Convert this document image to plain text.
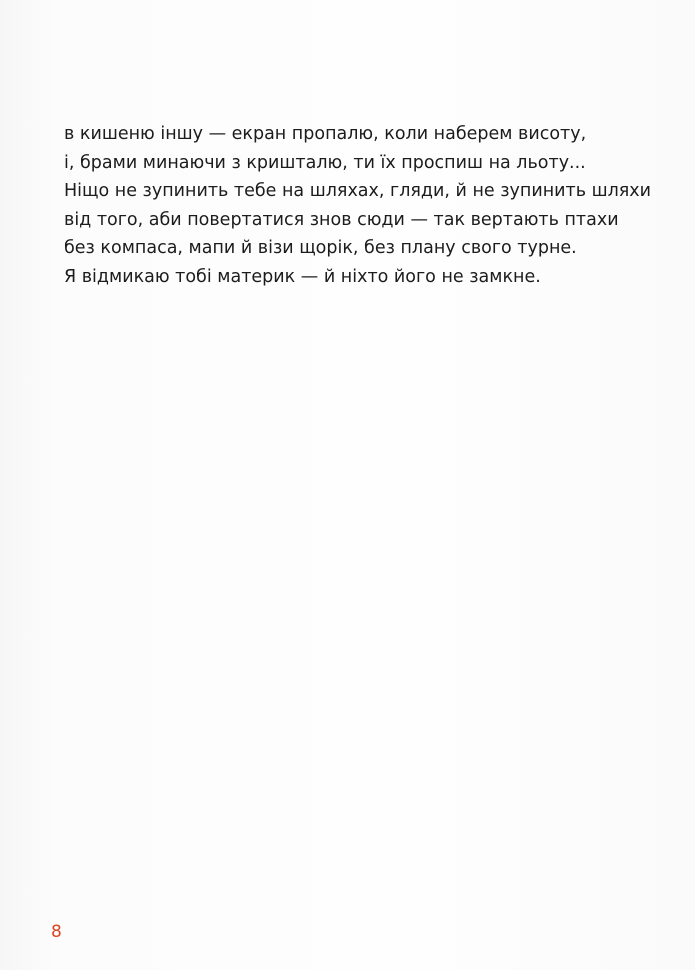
в кишеню іншу — екран пропалю, коли наберем висоту,
і, брами минаючи з кришталю, ти їх проспиш на льоту...
Ніщо не зупинить тебе на шляхах, гляди, й не зупинить шляхи
від того, аби повертатися знов сюди — так вертають птахи
без компаса, мапи й візи щорік, без плану свого турне.
Я відмикаю тобі материк — й ніхто його не замкне.
8
